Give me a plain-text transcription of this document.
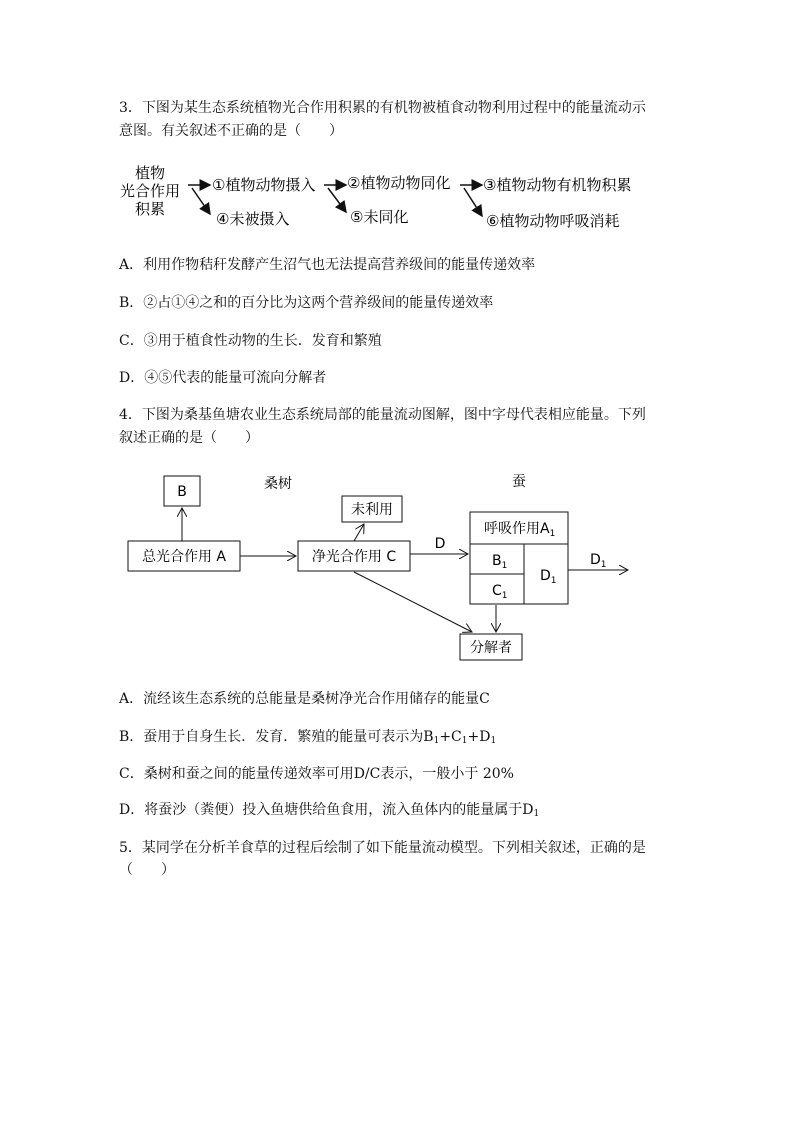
3．下图为某生态系统植物光合作用积累的有机物被植食动物利用过程中的能量流动示
意图。有关叙述不正确的是（　　）
植物
光合作用
积累
①植物动物摄入
④未被摄入
②植物动物同化
⑤未同化
③植物动物有机物积累
⑥植物动物呼吸消耗
A．利用作物秸秆发酵产生沼气也无法提高营养级间的能量传递效率
B．②占①④之和的百分比为这两个营养级间的能量传递效率
C．③用于植食性动物的生长．发育和繁殖
D．④⑤代表的能量可流向分解者
4．下图为桑基鱼塘农业生态系统局部的能量流动图解，图中字母代表相应能量。下列
叙述正确的是（　　）
桑树	蚕
B
总光合作用 A
未利用
净光合作用 C
D
呼吸作用$A_1$
$B_1$
$C_1$
$D_1$
$D_1$
分解者
A．流经该生态系统的总能量是桑树净光合作用储存的能量C
B．蚕用于自身生长．发育．繁殖的能量可表示为$B_1+C_1+D_1$
C．桑树和蚕之间的能量传递效率可用D/C表示，一般小于 20%
D．将蚕沙（粪便）投入鱼塘供给鱼食用，流入鱼体内的能量属于$D_1$
5．某同学在分析羊食草的过程后绘制了如下能量流动模型。下列相关叙述，正确的是
（　　）
